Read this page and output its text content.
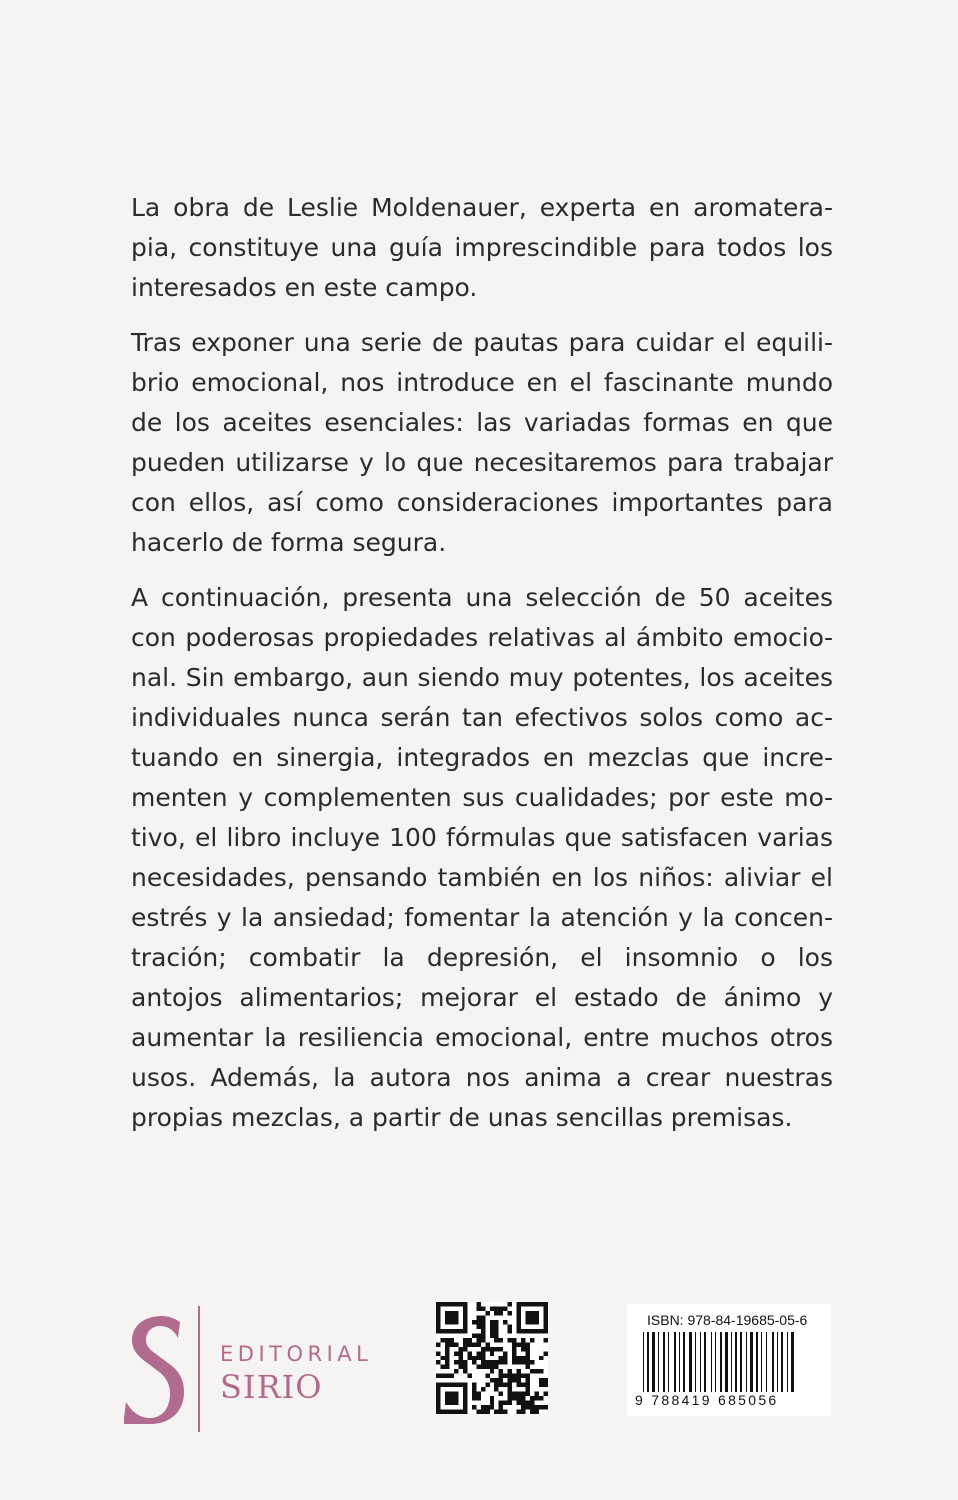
La obra de Leslie Moldenauer, experta en aromaterapia, constituye una guía imprescindible para todos los interesados en este campo.

Tras exponer una serie de pautas para cuidar el equilibrio emocional, nos introduce en el fascinante mundo de los aceites esenciales: las variadas formas en que pueden utilizarse y lo que necesitaremos para trabajar con ellos, así como consideraciones importantes para hacerlo de forma segura.

A continuación, presenta una selección de 50 aceites con poderosas propiedades relativas al ámbito emocional. Sin embargo, aun siendo muy potentes, los aceites individuales nunca serán tan efectivos solos como actuando en sinergia, integrados en mezclas que incrementen y complementen sus cualidades; por este motivo, el libro incluye 100 fórmulas que satisfacen varias necesidades, pensando también en los niños: aliviar el estrés y la ansiedad; fomentar la atención y la concentración; combatir la depresión, el insomnio o los antojos alimentarios; mejorar el estado de ánimo y aumentar la resiliencia emocional, entre muchos otros usos. Además, la autora nos anima a crear nuestras propias mezclas, a partir de unas sencillas premisas.

EDITORIAL
SIRIO
ISBN: 978-84-19685-05-6
9 788419 685056
